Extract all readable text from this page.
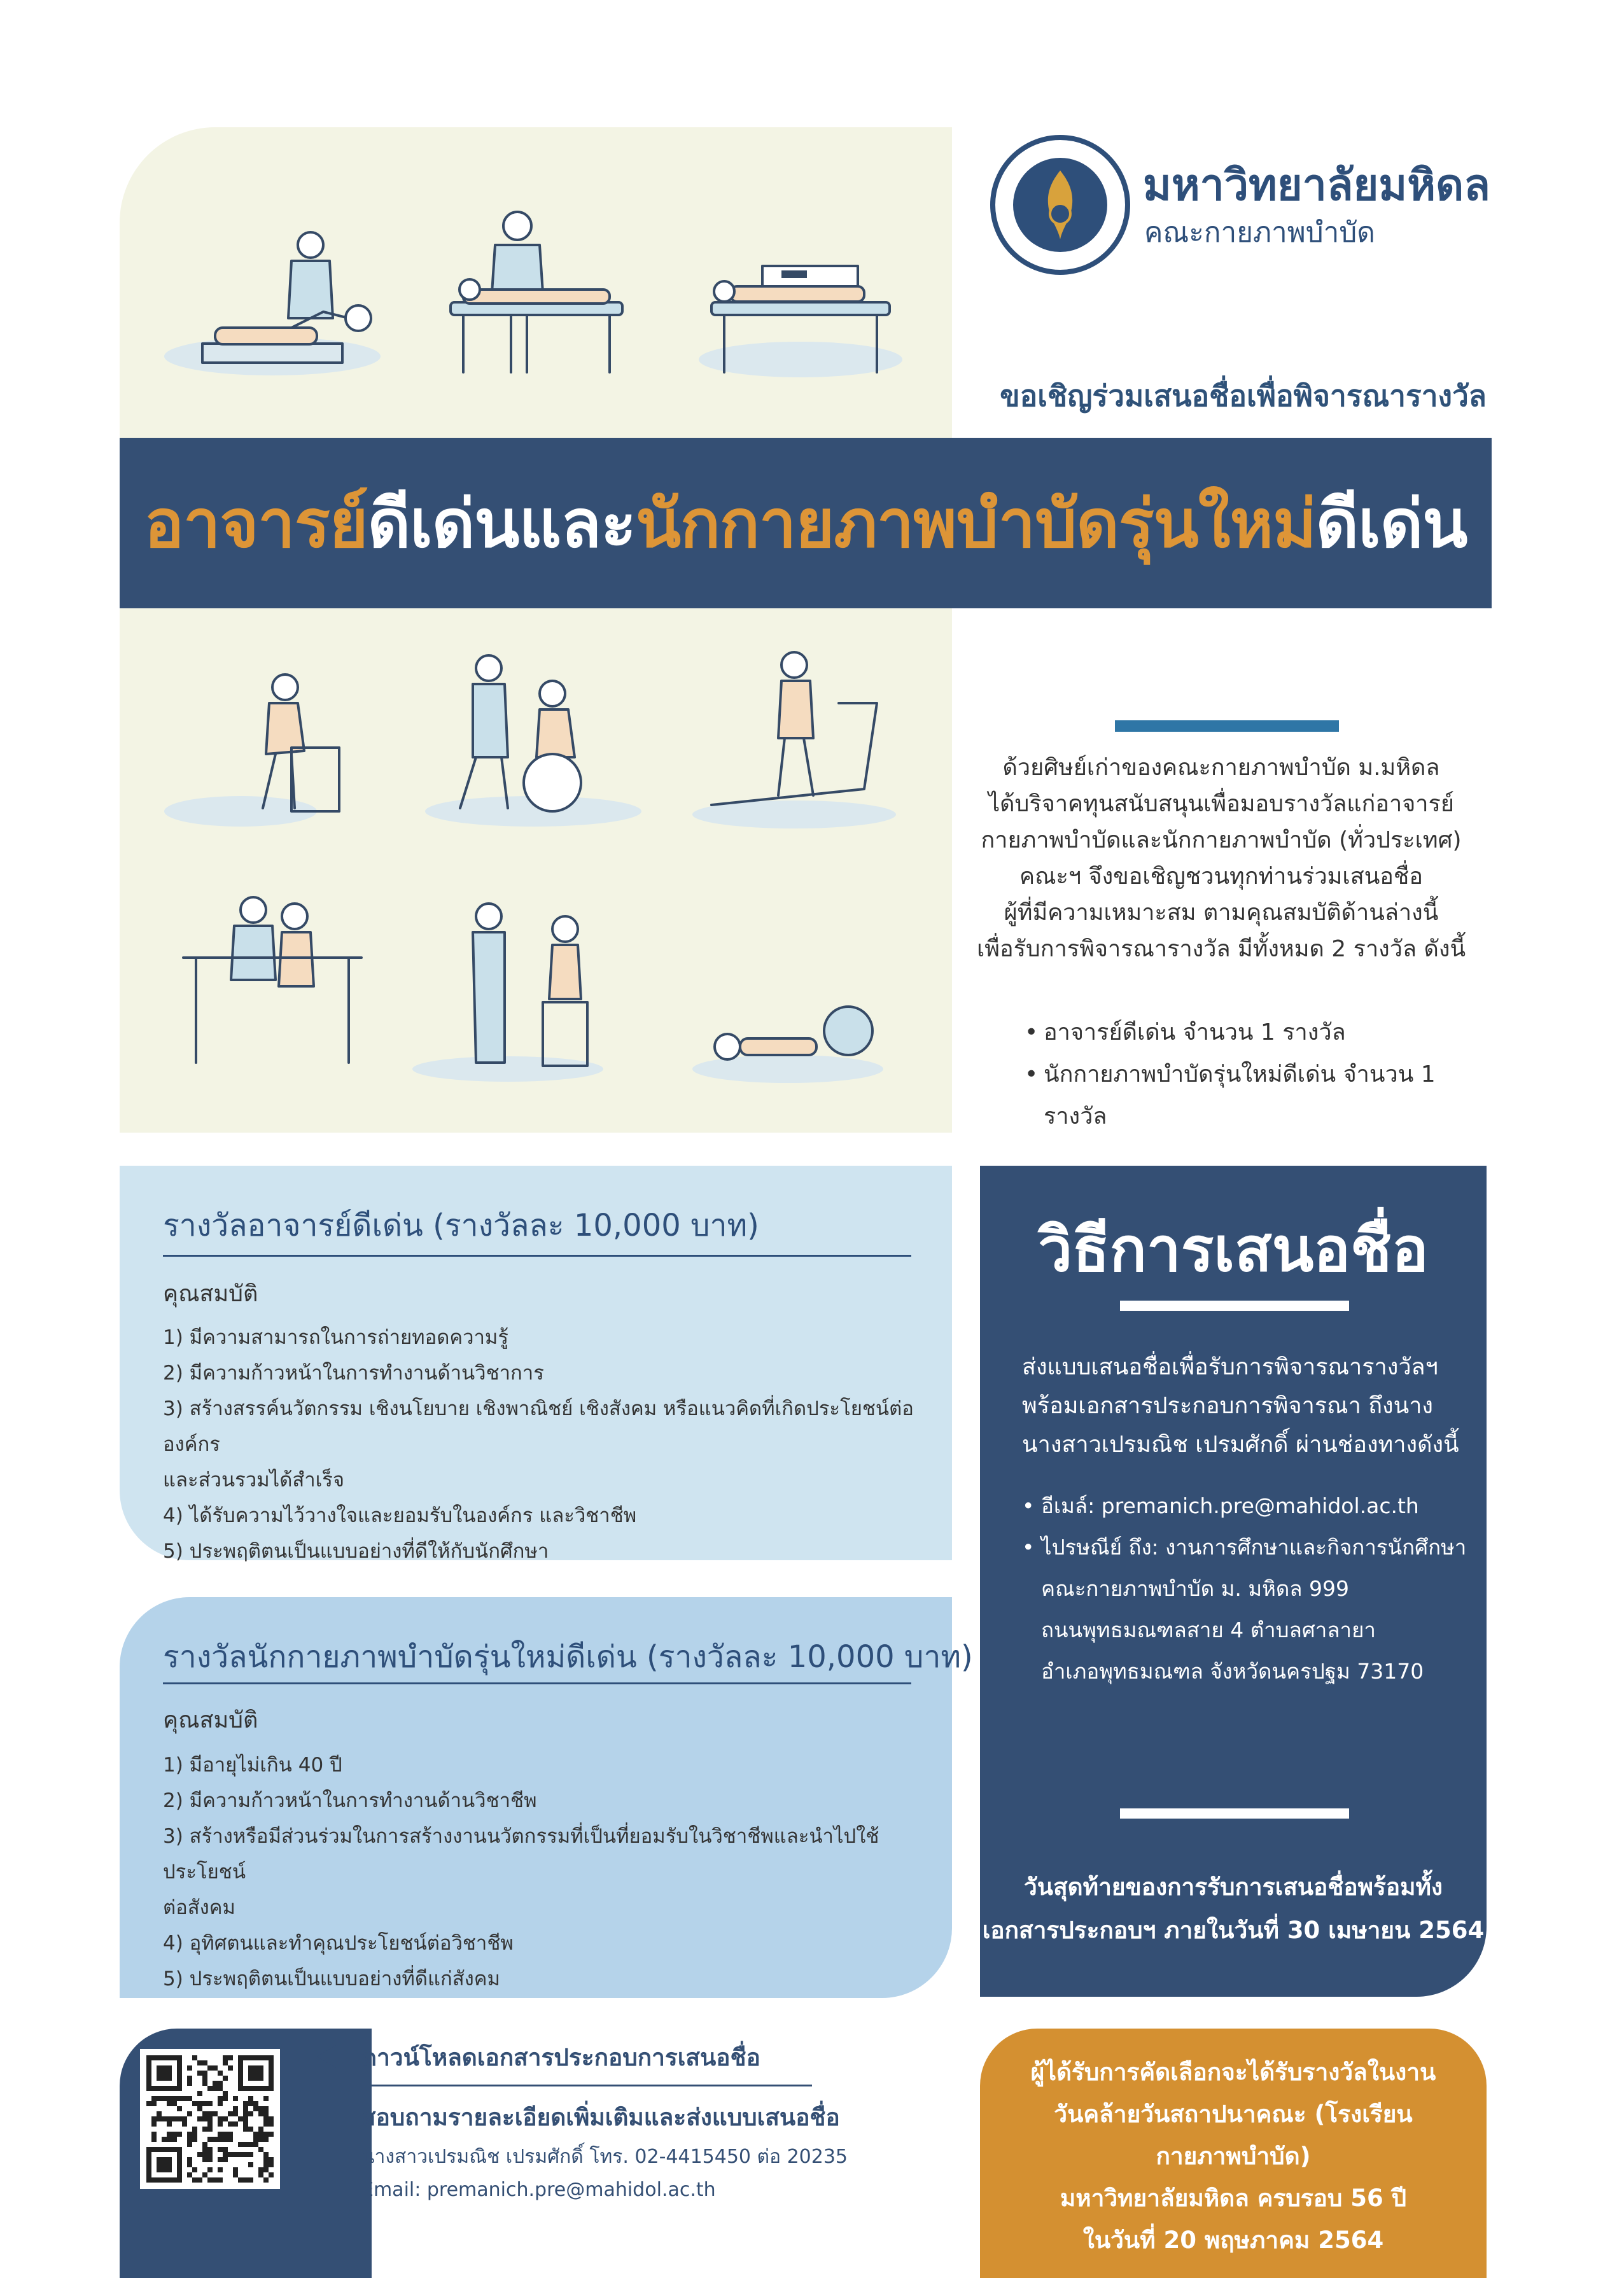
มหาวิทยาลัยมหิดล
คณะกายภาพบำบัด
ขอเชิญร่วมเสนอชื่อเพื่อพิจารณารางวัล
อาจารย์ดีเด่นและนักกายภาพบำบัดรุ่นใหม่ดีเด่น
ด้วยศิษย์เก่าของคณะกายภาพบำบัด ม.มหิดล
ได้บริจาคทุนสนับสนุนเพื่อมอบรางวัลแก่อาจารย์
กายภาพบำบัดและนักกายภาพบำบัด (ทั่วประเทศ)
คณะฯ จึงขอเชิญชวนทุกท่านร่วมเสนอชื่อ
ผู้ที่มีความเหมาะสม ตามคุณสมบัติด้านล่างนี้
เพื่อรับการพิจารณารางวัล มีทั้งหมด 2 รางวัล ดังนี้
• อาจารย์ดีเด่น จำนวน 1 รางวัล
• นักกายภาพบำบัดรุ่นใหม่ดีเด่น จำนวน 1 รางวัล
รางวัลอาจารย์ดีเด่น (รางวัลละ 10,000 บาท)
คุณสมบัติ
1) มีความสามารถในการถ่ายทอดความรู้
2) มีความก้าวหน้าในการทำงานด้านวิชาการ
3) สร้างสรรค์นวัตกรรม เชิงนโยบาย เชิงพาณิชย์ เชิงสังคม หรือแนวคิดที่เกิดประโยชน์ต่อองค์กร
และส่วนรวมได้สำเร็จ
4) ได้รับความไว้วางใจและยอมรับในองค์กร และวิชาชีพ
5) ประพฤติตนเป็นแบบอย่างที่ดีให้กับนักศึกษา
รางวัลนักกายภาพบำบัดรุ่นใหม่ดีเด่น (รางวัลละ 10,000 บาท)
คุณสมบัติ
1) มีอายุไม่เกิน 40 ปี
2) มีความก้าวหน้าในการทำงานด้านวิชาชีพ
3) สร้างหรือมีส่วนร่วมในการสร้างงานนวัตกรรมที่เป็นที่ยอมรับในวิชาชีพและนำไปใช้ประโยชน์
ต่อสังคม
4) อุทิศตนและทำคุณประโยชน์ต่อวิชาชีพ
5) ประพฤติตนเป็นแบบอย่างที่ดีแก่สังคม
วิธีการเสนอชื่อ
ส่งแบบเสนอชื่อเพื่อรับการพิจารณารางวัลฯ
พร้อมเอกสารประกอบการพิจารณา ถึงนาง
นางสาวเปรมณิช เปรมศักดิ์ ผ่านช่องทางดังนี้
• อีเมล์: premanich.pre@mahidol.ac.th
• ไปรษณีย์ ถึง: งานการศึกษาและกิจการนักศึกษา
คณะกายภาพบำบัด ม. มหิดล 999
ถนนพุทธมณฑลสาย 4 ตำบลศาลายา
อำเภอพุทธมณฑล จังหวัดนครปฐม 73170
วันสุดท้ายของการรับการเสนอชื่อพร้อมทั้ง
เอกสารประกอบฯ ภายในวันที่ 30 เมษายน 2564
ดาวน์โหลดเอกสารประกอบการเสนอชื่อ
สอบถามรายละเอียดเพิ่มเติมและส่งแบบเสนอชื่อ
นางสาวเปรมณิช เปรมศักดิ์ โทร. 02-4415450 ต่อ 20235
Email: premanich.pre@mahidol.ac.th
ผู้ได้รับการคัดเลือกจะได้รับรางวัลในงาน
วันคล้ายวันสถาปนาคณะ (โรงเรียนกายภาพบำบัด)
มหาวิทยาลัยมหิดล ครบรอบ 56 ปี
ในวันที่ 20 พฤษภาคม 2564
